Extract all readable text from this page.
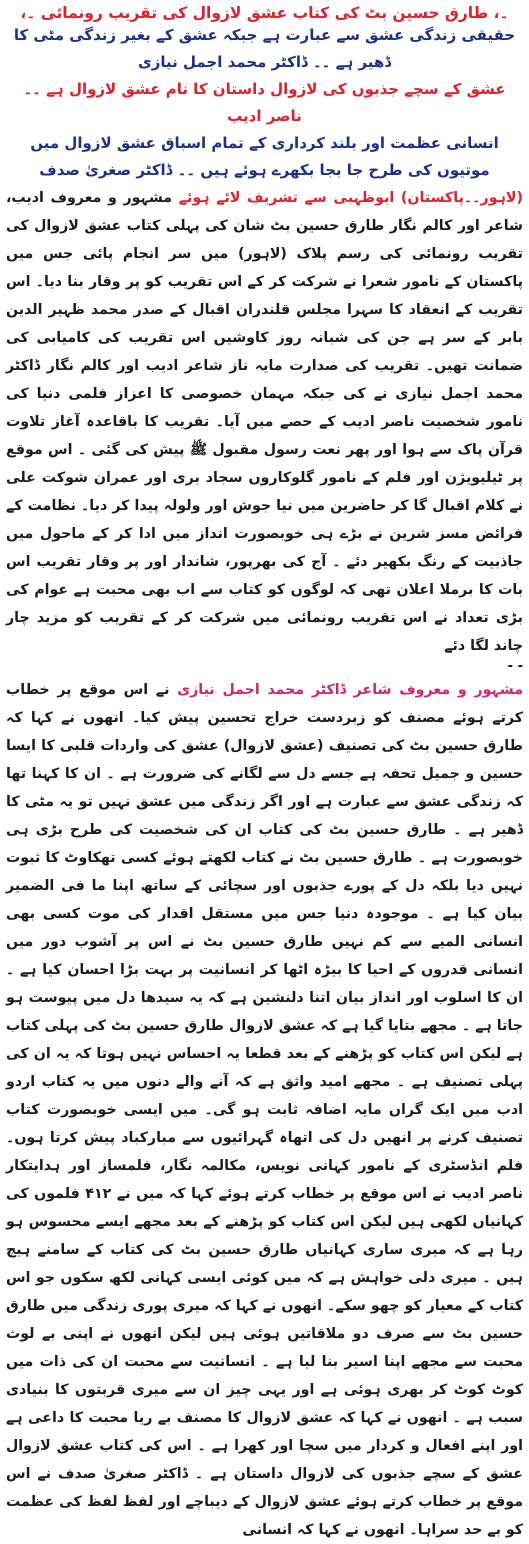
۔، طارق حسین بٹ کی کتاب عشق لازوال کی تقریب رونمائی ۔،
حقیقی زندگی عشق سے عبارت ہے جبکہ عشق کے بغیر زندگی مٹی کا ڈھیر ہے ۔۔ ڈاکٹر محمد اجمل نیازی
عشق کے سچے جذبوں کی لازوال داستان کا نام عشق لازوال ہے ۔۔ ناصر ادیب
انسانی عظمت اور بلند کرداری کے تمام اسباق عشق لازوال میں موتیوں کی طرح جا بجا بکھرے ہوئے ہیں ۔۔ ڈاکٹر صغریٰ صدف

(لاہور۔۔پاکستان) ابوظہبی سے تشریف لائے ہوئے مشہور و معروف ادیب، شاعر اور کالم نگار طارق حسین بٹ شان کی پہلی کتاب عشق لازوال کی تقریب رونمائی کی رسم پلاک (لاہور) میں سر انجام پائی جس میں پاکستان کے نامور شعرا نے شرکت کر کے اس تقریب کو پر وقار بنا دیا۔ اس تقریب کے انعقاد کا سہرا مجلس قلندران اقبال کے صدر محمد ظہیر الدین بابر کے سر ہے جن کی شبانہ روز کاوشیں اس تقریب کی کامیابی کی ضمانت تھیں۔ تقریب کی صدارت مایہ ناز شاعر ادیب اور کالم نگار ڈاکٹر محمد اجمل نیازی نے کی جبکہ مہمان خصوصی کا اعزاز فلمی دنیا کی نامور شخصیت ناصر ادیب کے حصے میں آیا۔ تقریب کا باقاعدہ آغاز تلاوت قرآن پاک سے ہوا اور پھر نعت رسول مقبول ﷺ پیش کی گئی ۔ اس موقع پر ٹیلیویژن اور فلم کے نامور گلوکاروں سجاد بری اور عمران شوکت علی نے کلام اقبال گا کر حاضرین میں نیا جوش اور ولولہ پیدا کر دیا۔ نظامت کے فرائض مسز شرین نے بڑے ہی خوبصورت انداز میں ادا کر کے ماحول میں جاذبیت کے رنگ بکھیر دئے ۔ آج کی بھرپور، شاندار اور پر وقار تقریب اس بات کا برملا اعلان تھی کہ لوگوں کو کتاب سے اب بھی محبت ہے عوام کی بڑی تعداد نے اس تقریب رونمائی میں شرکت کر کے تقریب کو مزید چار چاند لگا دئے

- -

مشہور و معروف شاعر ڈاکٹر محمد اجمل نیازی نے اس موقع پر خطاب کرتے ہوئے مصنف کو زبردست خراج تحسین پیش کیا۔ انھوں نے کہا کہ طارق حسین بٹ کی تصنیف (عشق لازوال) عشق کی واردات قلبی کا ایسا حسین و جمیل تحفہ ہے جسے دل سے لگانے کی ضرورت ہے ۔ ان کا کہنا تھا کہ زندگی عشق سے عبارت ہے اور اگر زندگی میں عشق نہیں تو یہ مٹی کا ڈھیر ہے ۔ طارق حسین بٹ کی کتاب ان کی شخصیت کی طرح بڑی ہی خوبصورت ہے ۔ طارق حسین بٹ نے کتاب لکھتے ہوئے کسی تھکاوٹ کا ثبوت نہیں دیا بلکہ دل کے پورے جذبوں اور سچائی کے ساتھ اپنا ما فی الضمیر بیان کیا ہے ۔ موجودہ دنیا جس میں مستقل اقدار کی موت کسی بھی انسانی المیے سے کم نہیں طارق حسین بٹ نے اس پر آشوب دور میں انسانی قدروں کے احیا کا بیڑہ اٹھا کر انسانیت پر بہت بڑا احسان کیا ہے ۔ ان کا اسلوب اور انداز بیان اتنا دلنشین ہے کہ یہ سیدھا دل میں پیوست ہو جاتا ہے ۔ مجھے بتایا گیا ہے کہ عشق لازوال طارق حسین بٹ کی پہلی کتاب ہے لیکن اس کتاب کو پڑھنے کے بعد قطعا یہ احساس نہیں ہوتا کہ یہ ان کی پہلی تصنیف ہے ۔ مجھے امید واثق ہے کہ آنے والے دنوں میں یہ کتاب اردو ادب میں ایک گراں مایہ اضافہ ثابت ہو گی۔ میں ایسی خوبصورت کتاب تصنیف کرنے پر انھیں دل کی اتھاہ گہرائیوں سے مبارکباد پیش کرتا ہوں۔ فلم انڈسٹری کے نامور کہانی نویس، مکالمہ نگار، فلمساز اور ہدایتکار ناصر ادیب نے اس موقع پر خطاب کرتے ہوئے کہا کہ میں نے ۴۱۲ فلموں کی کہانیاں لکھی ہیں لیکن اس کتاب کو پڑھنے کے بعد مجھے ایسے محسوس ہو رہا ہے کہ میری ساری کہانیاں طارق حسین بٹ کی کتاب کے سامنے ہیچ ہیں ۔ میری دلی خواہش ہے کہ میں کوئی ایسی کہانی لکھ سکوں جو اس کتاب کے معیار کو چھو سکے۔ انھوں نے کہا کہ میری پوری زندگی میں طارق حسین بٹ سے صرف دو ملاقاتیں ہوئی ہیں لیکن انھوں نے اپنی بے لوث محبت سے مجھے اپنا اسیر بنا لیا ہے ۔ انسانیت سے محبت ان کی ذات میں کوٹ کوٹ کر بھری ہوئی ہے اور یہی چیز ان سے میری قربتوں کا بنیادی سبب ہے ۔ انھوں نے کہا کہ عشق لازوال کا مصنف بے ریا محبت کا داعی ہے اور اپنے افعال و کردار میں سچا اور کھرا ہے ۔ اس کی کتاب عشق لازوال عشق کے سچے جذبوں کی لازوال داستان ہے ۔ ڈاکٹر صغریٰ صدف نے اس موقع پر خطاب کرتے ہوئے عشق لازوال کے دیباچے اور لفظ لفظ کی عظمت کو بے حد سراہا۔ انھوں نے کہا کہ انسانی
